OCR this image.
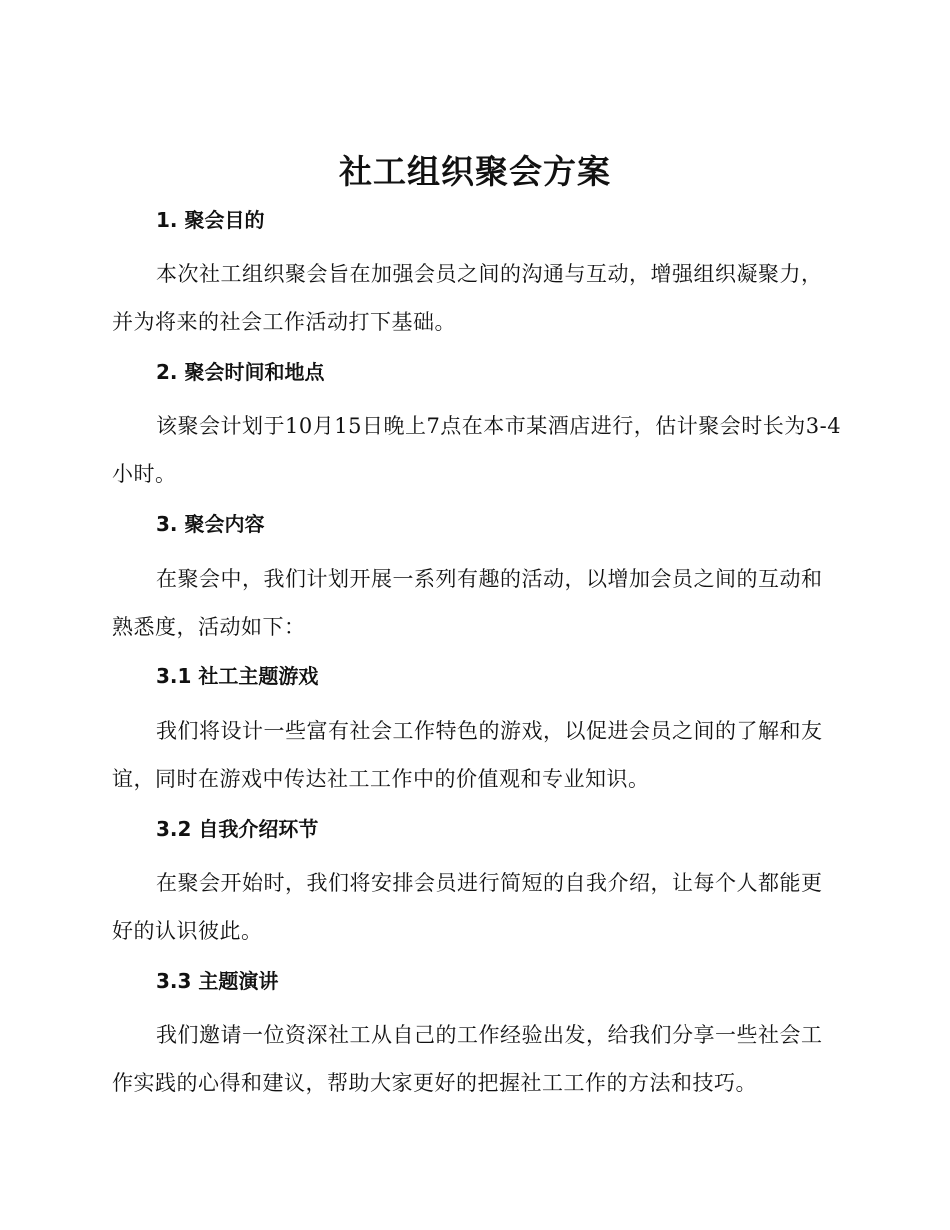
社工组织聚会方案
1. 聚会目的

本次社工组织聚会旨在加强会员之间的沟通与互动，增强组织凝聚力，并为将来的社会工作活动打下基础。

2. 聚会时间和地点

该聚会计划于10月15日晚上7点在本市某酒店进行，估计聚会时长为3-4小时。

3. 聚会内容

在聚会中，我们计划开展一系列有趣的活动，以增加会员之间的互动和熟悉度，活动如下：

3.1 社工主题游戏

我们将设计一些富有社会工作特色的游戏，以促进会员之间的了解和友谊，同时在游戏中传达社工工作中的价值观和专业知识。

3.2 自我介绍环节

在聚会开始时，我们将安排会员进行简短的自我介绍，让每个人都能更好的认识彼此。

3.3 主题演讲

我们邀请一位资深社工从自己的工作经验出发，给我们分享一些社会工作实践的心得和建议，帮助大家更好的把握社工工作的方法和技巧。
